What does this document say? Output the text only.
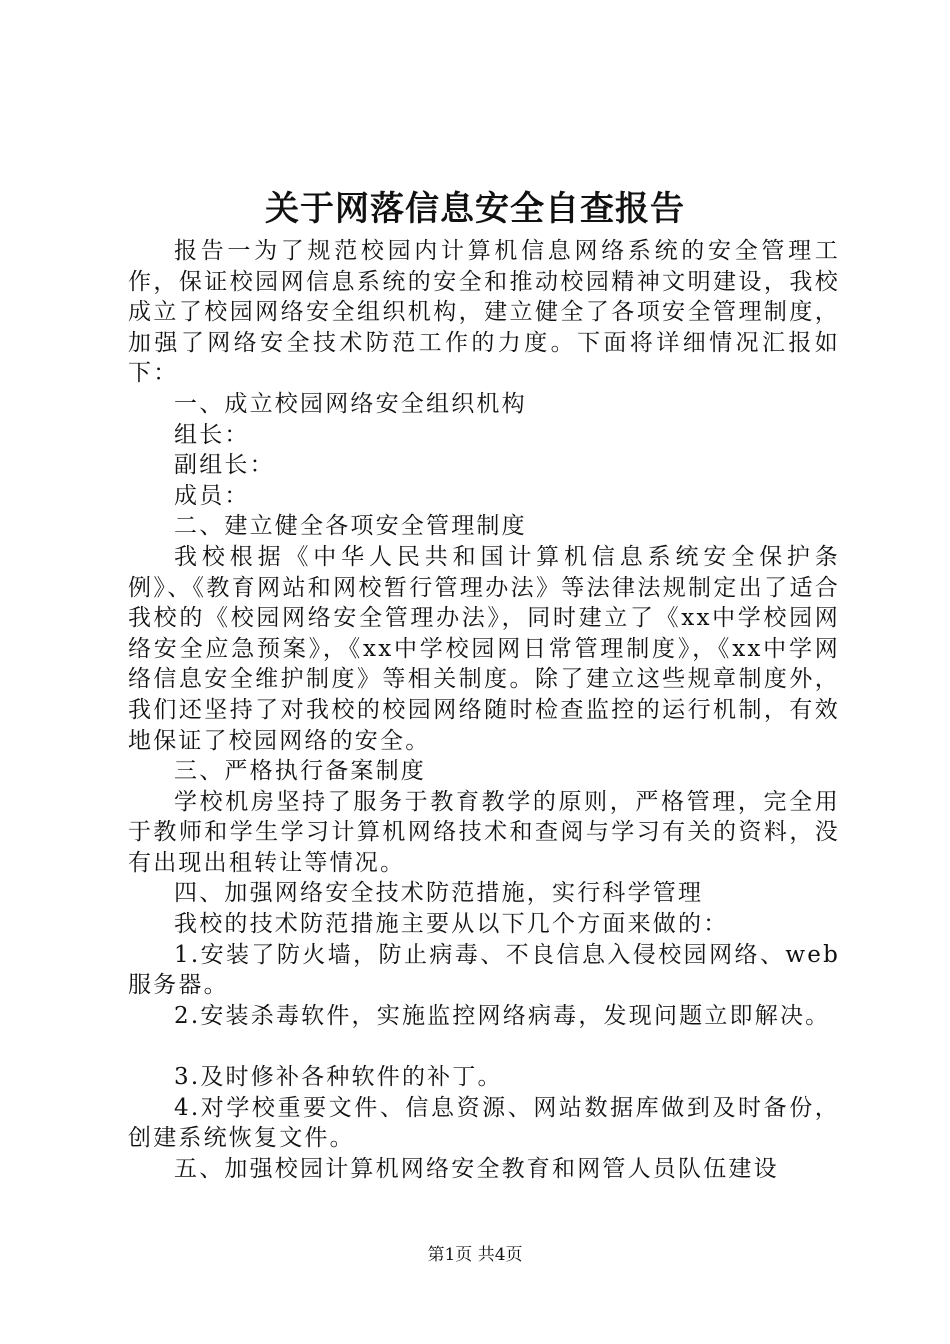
关于网落信息安全自查报告

报告一为了规范校园内计算机信息网络系统的安全管理工作，保证校园网信息系统的安全和推动校园精神文明建设，我校成立了校园网络安全组织机构，建立健全了各项安全管理制度，加强了网络安全技术防范工作的力度。下面将详细情况汇报如下：

一、成立校园网络安全组织机构

组长：

副组长：

成员：

二、建立健全各项安全管理制度

我校根据《中华人民共和国计算机信息系统安全保护条例》、《教育网站和网校暂行管理办法》等法律法规制定出了适合我校的《校园网络安全管理办法》，同时建立了《xx中学校园网络安全应急预案》，《xx中学校园网日常管理制度》，《xx中学网络信息安全维护制度》等相关制度。除了建立这些规章制度外，我们还坚持了对我校的校园网络随时检查监控的运行机制，有效地保证了校园网络的安全。

三、严格执行备案制度

学校机房坚持了服务于教育教学的原则，严格管理，完全用于教师和学生学习计算机网络技术和查阅与学习有关的资料，没有出现出租转让等情况。

四、加强网络安全技术防范措施，实行科学管理

我校的技术防范措施主要从以下几个方面来做的：

1.安装了防火墙，防止病毒、不良信息入侵校园网络、web服务器。

2.安装杀毒软件，实施监控网络病毒，发现问题立即解决。

3.及时修补各种软件的补丁。

4.对学校重要文件、信息资源、网站数据库做到及时备份，创建系统恢复文件。

五、加强校园计算机网络安全教育和网管人员队伍建设

第1页 共4页
